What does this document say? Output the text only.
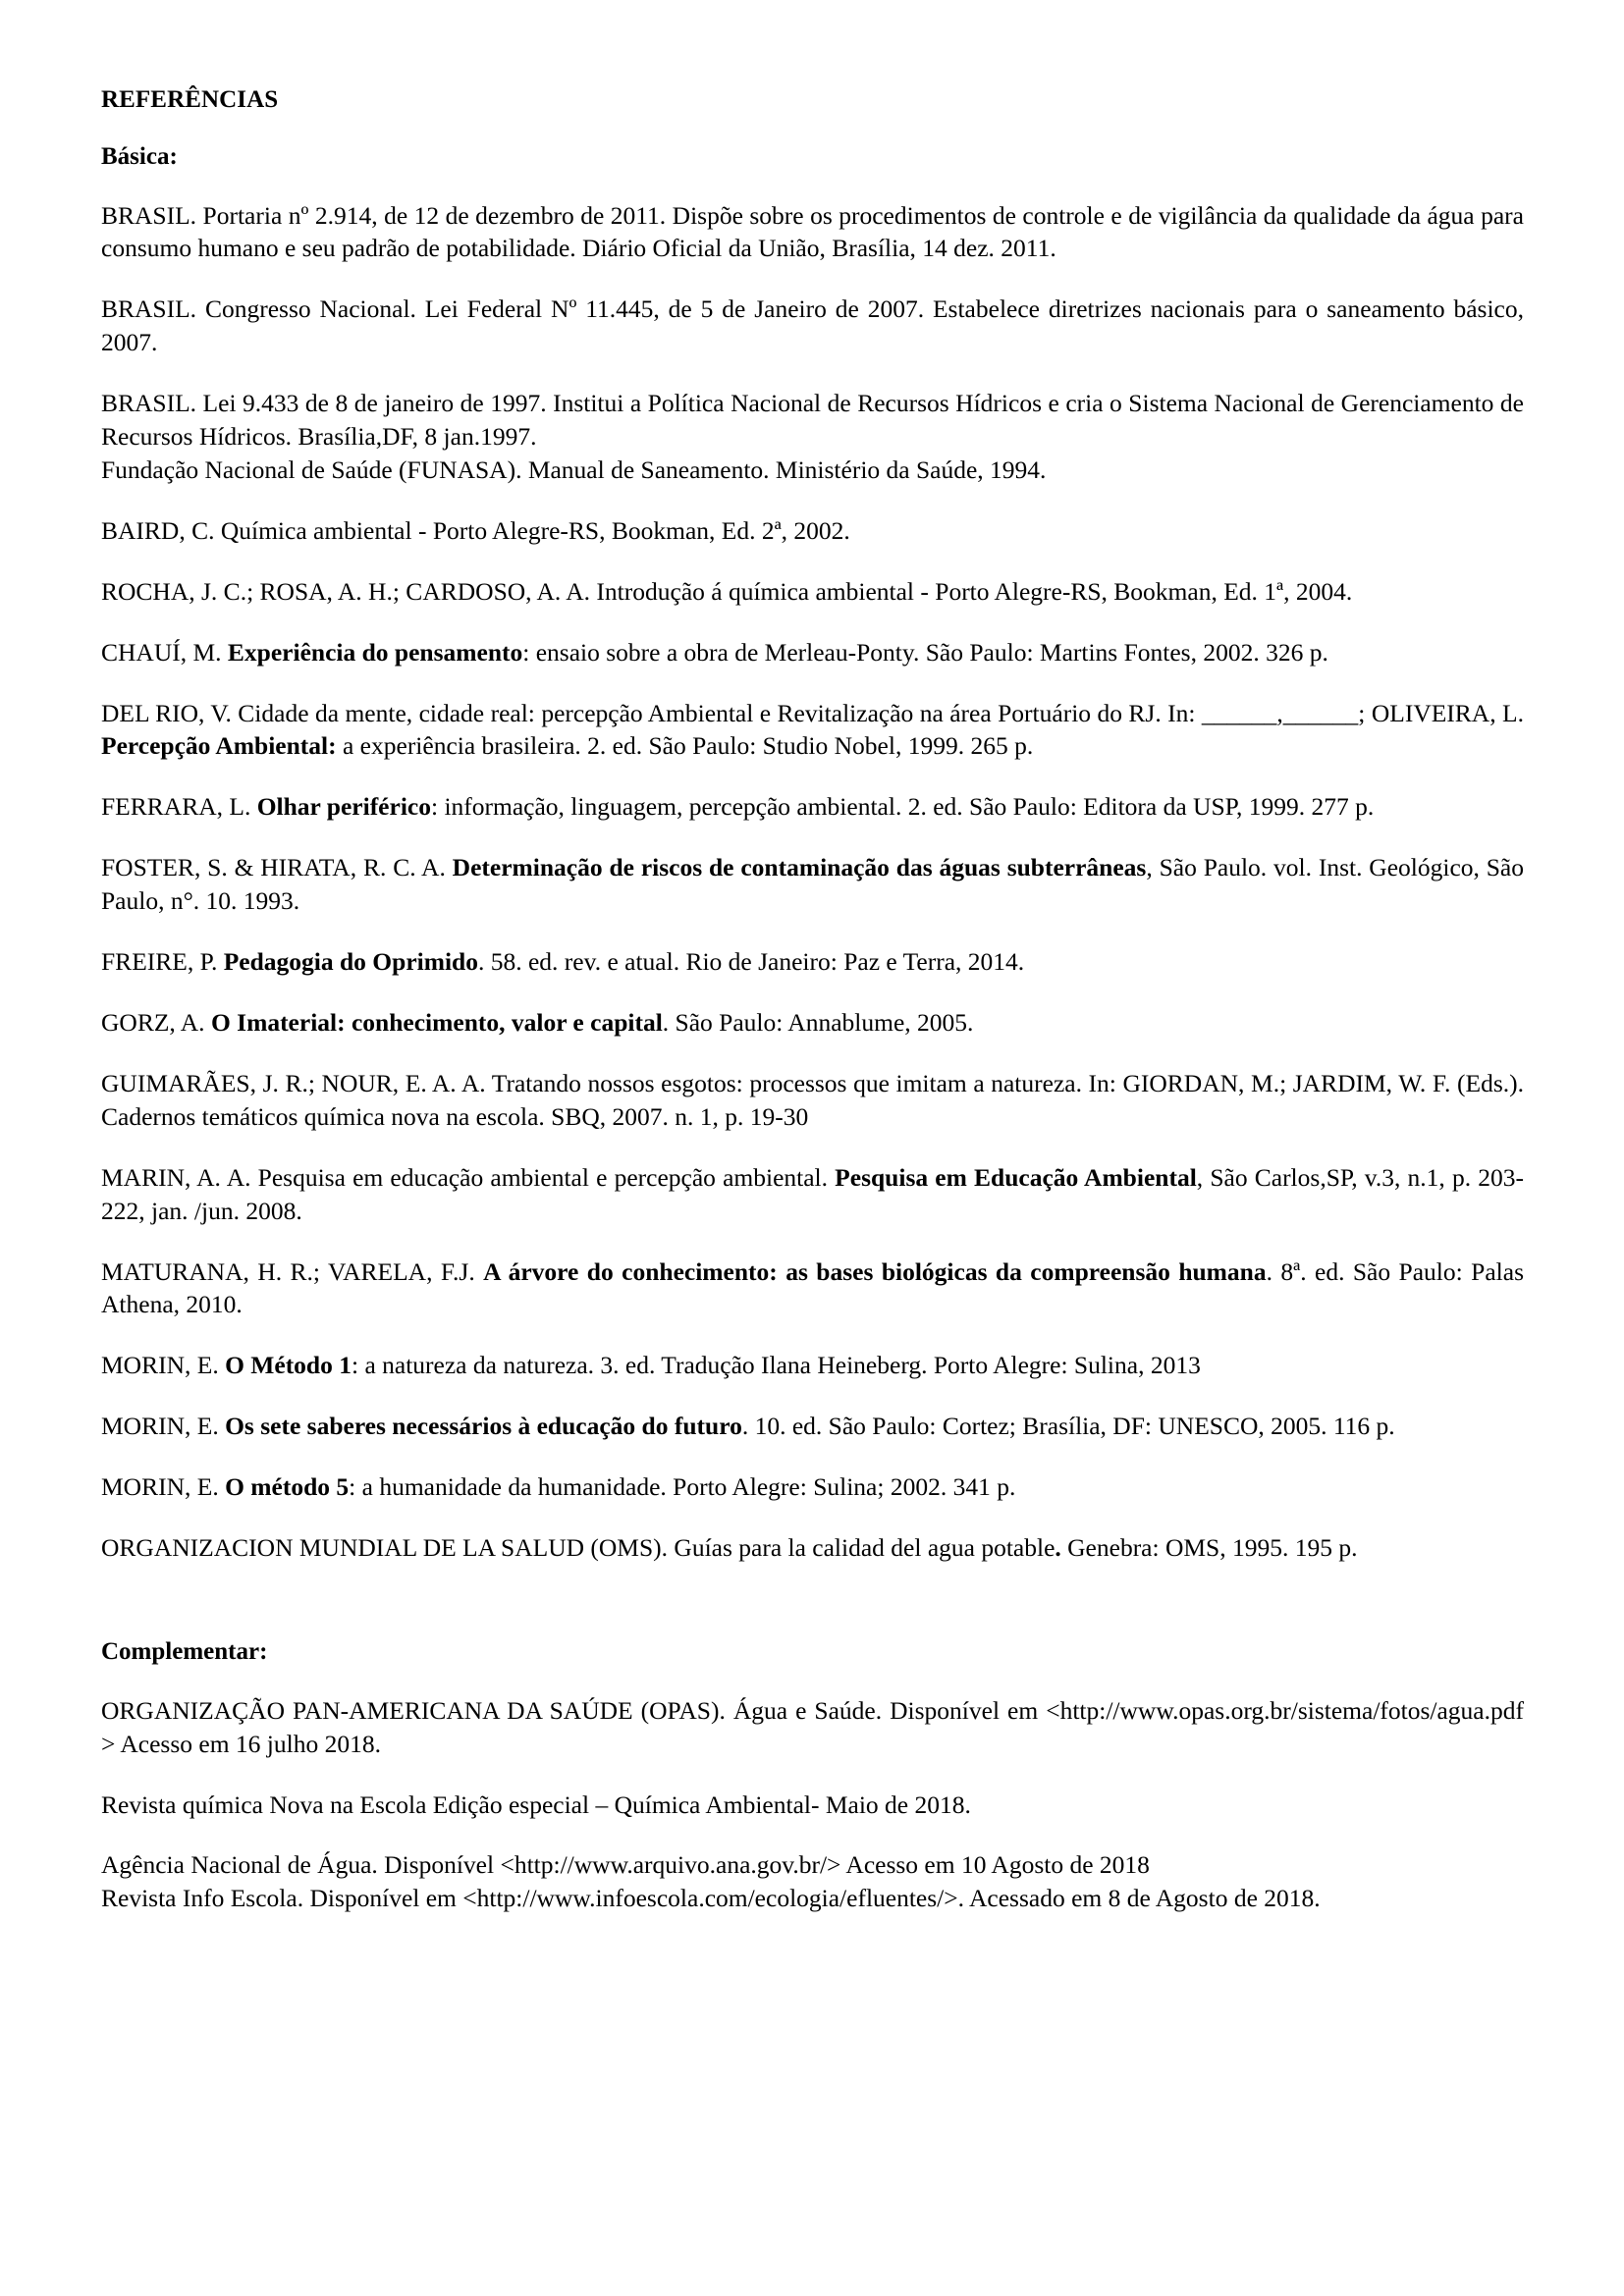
REFERÊNCIAS
Básica:

BRASIL. Portaria nº 2.914, de 12 de dezembro de 2011. Dispõe sobre os procedimentos de controle e de vigilância da qualidade da água para consumo humano e seu padrão de potabilidade. Diário Oficial da União, Brasília, 14 dez. 2011.

BRASIL. Congresso Nacional. Lei Federal Nº 11.445, de 5 de Janeiro de 2007. Estabelece diretrizes nacionais para o saneamento básico, 2007.

BRASIL. Lei 9.433 de 8 de janeiro de 1997. Institui a Política Nacional de Recursos Hídricos e cria o Sistema Nacional de Gerenciamento de Recursos Hídricos. Brasília,DF, 8 jan.1997.

Fundação Nacional de Saúde (FUNASA). Manual de Saneamento. Ministério da Saúde, 1994.

BAIRD, C. Química ambiental - Porto Alegre-RS, Bookman, Ed. 2ª, 2002.

ROCHA, J. C.; ROSA, A. H.; CARDOSO, A. A. Introdução á química ambiental - Porto Alegre-RS, Bookman, Ed. 1ª, 2004.

CHAUÍ, M. Experiência do pensamento: ensaio sobre a obra de Merleau-Ponty. São Paulo: Martins Fontes, 2002. 326 p.

DEL RIO, V. Cidade da mente, cidade real: percepção Ambiental e Revitalização na área Portuário do RJ. In: ______,______; OLIVEIRA, L. Percepção Ambiental: a experiência brasileira. 2. ed. São Paulo: Studio Nobel, 1999. 265 p.

FERRARA, L. Olhar periférico: informação, linguagem, percepção ambiental. 2. ed. São Paulo: Editora da USP, 1999. 277 p.

FOSTER, S. & HIRATA, R. C. A. Determinação de riscos de contaminação das águas subterrâneas, São Paulo. vol. Inst. Geológico, São Paulo, n°. 10. 1993.

FREIRE, P. Pedagogia do Oprimido. 58. ed. rev. e atual. Rio de Janeiro: Paz e Terra, 2014.

GORZ, A. O Imaterial: conhecimento, valor e capital. São Paulo: Annablume, 2005.

GUIMARÃES, J. R.; NOUR, E. A. A. Tratando nossos esgotos: processos que imitam a natureza. In: GIORDAN, M.; JARDIM, W. F. (Eds.). Cadernos temáticos química nova na escola. SBQ, 2007. n. 1, p. 19-30

MARIN, A. A. Pesquisa em educação ambiental e percepção ambiental. Pesquisa em Educação Ambiental, São Carlos,SP, v.3, n.1, p. 203-222, jan. /jun. 2008.

MATURANA, H. R.; VARELA, F.J. A árvore do conhecimento: as bases biológicas da compreensão humana. 8ª. ed. São Paulo: Palas Athena, 2010.

MORIN, E. O Método 1: a natureza da natureza. 3. ed. Tradução Ilana Heineberg. Porto Alegre: Sulina, 2013

MORIN, E. Os sete saberes necessários à educação do futuro. 10. ed. São Paulo: Cortez; Brasília, DF: UNESCO, 2005. 116 p.

MORIN, E. O método 5: a humanidade da humanidade. Porto Alegre: Sulina; 2002. 341 p.

ORGANIZACION MUNDIAL DE LA SALUD (OMS). Guías para la calidad del agua potable. Genebra: OMS, 1995. 195 p.

Complementar:

ORGANIZAÇÃO PAN-AMERICANA DA SAÚDE (OPAS). Água e Saúde. Disponível em <http://www.opas.org.br/sistema/fotos/agua.pdf > Acesso em 16 julho 2018.

Revista química Nova na Escola Edição especial – Química Ambiental- Maio de 2018.

Agência Nacional de Água. Disponível <http://www.arquivo.ana.gov.br/> Acesso em 10 Agosto de 2018

Revista Info Escola. Disponível em <http://www.infoescola.com/ecologia/efluentes/>. Acessado em 8 de Agosto de 2018.
